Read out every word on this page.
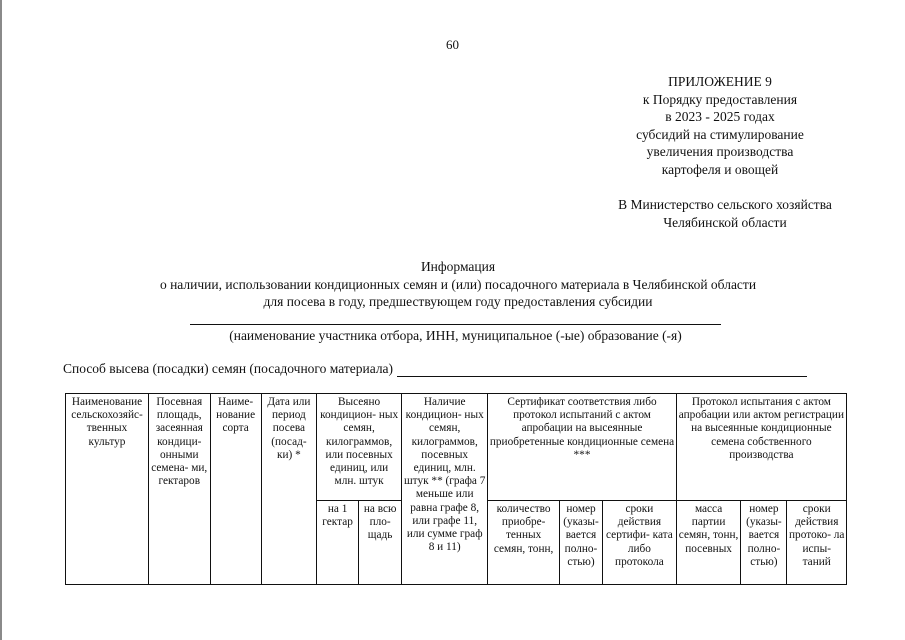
60
ПРИЛОЖЕНИЕ 9
к Порядку предоставления
в 2023 - 2025 годах
субсидий на стимулирование
увеличения производства
картофеля и овощей
В Министерство сельского хозяйства
Челябинской области
Информация
о наличии, использовании кондиционных семян и (или) посадочного материала в Челябинской области
для посева в году, предшествующем году предоставления субсидии
(наименование участника отбора, ИНН, муниципальное (-ые) образование (-я)
Способ высева (посадки) семян (посадочного материала)
Наименование сельскохозяйс- твенных культур	Посевная площадь, засеянная кондици- онными семена- ми, гектаров	Наиме- нование сорта	Дата или период посева (посад- ки) *	Высеяно кондицион- ных семян, килограммов, или посевных единиц, или млн. штук		Наличие кондицион- ных семян, килограммов, посевных единиц, млн. штук ** (графа 7 меньше или равна графе 8, или графе 11, или сумме граф 8 и 11)	Сертификат соответствия либо протокол испытаний с актом апробации на высеянные приобретенные кондиционные семена ***			Протокол испытания с актом апробации или актом регистрации на высеянные кондиционные семена собственного производства		
				на 1 гектар	на всю пло- щадь		количество приобре- тенных семян, тонн,	номер (указы- вается полно- стью)	сроки действия сертифи- ката либо протокола	масса партии семян, тонн, посевных	номер (указы- вается полно- стью)	сроки действия протоко- ла испы- таний
